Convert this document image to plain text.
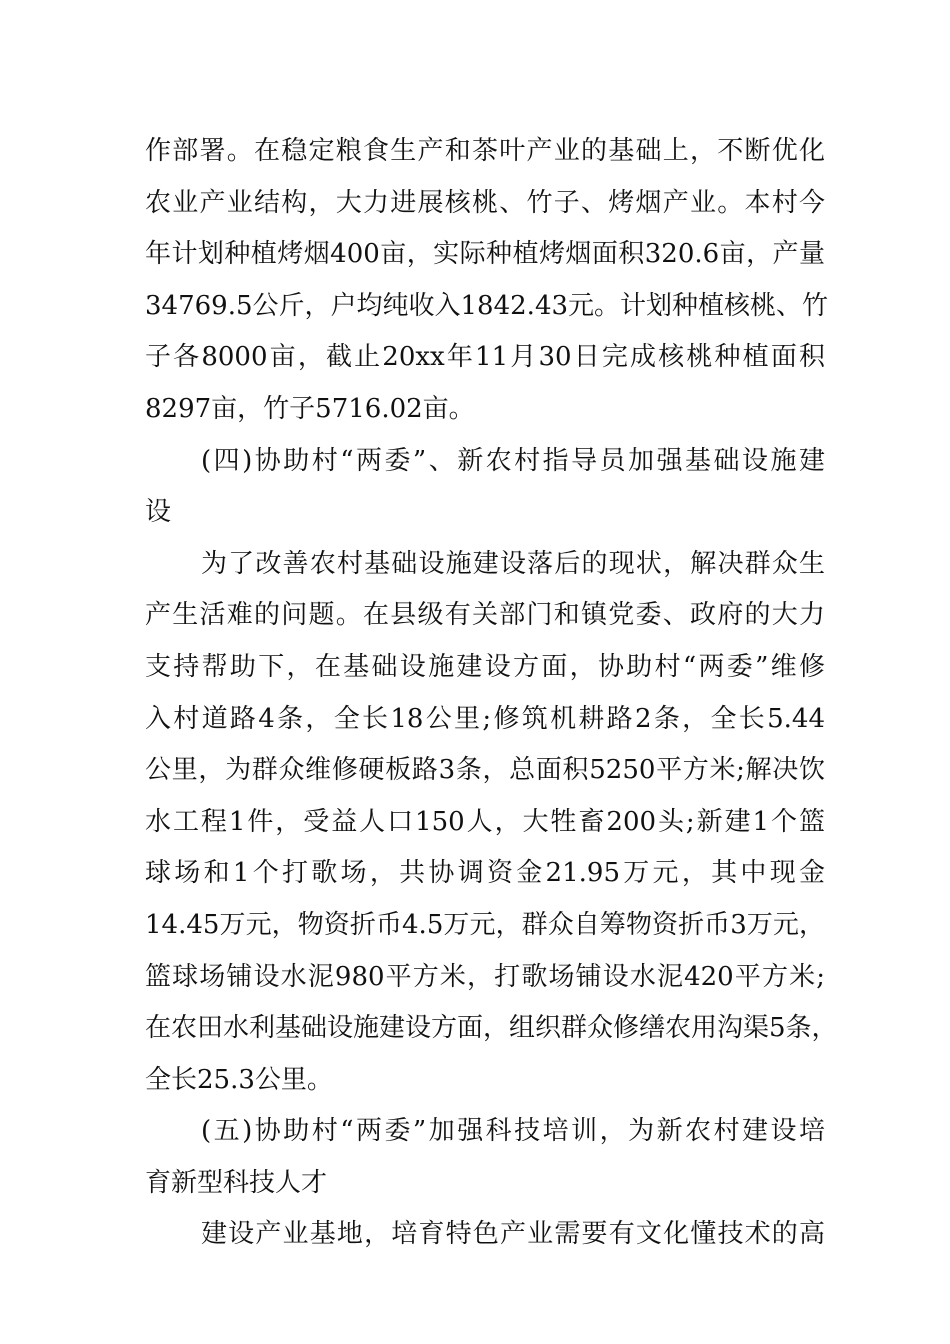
作部署。在稳定粮食生产和茶叶产业的基础上，不断优化
农业产业结构，大力进展核桃、竹子、烤烟产业。本村今
年计划种植烤烟400亩，实际种植烤烟面积320.6亩，产量
34769.5公斤，户均纯收入1842.43元。计划种植核桃、竹
子各8000亩，截止20xx年11月30日完成核桃种植面积
8297亩，竹子5716.02亩。
(四)协助村“两委”、新农村指导员加强基础设施建
设
为了改善农村基础设施建设落后的现状，解决群众生
产生活难的问题。在县级有关部门和镇党委、政府的大力
支持帮助下，在基础设施建设方面，协助村“两委”维修
入村道路4条，全长18公里;修筑机耕路2条，全长5.44
公里，为群众维修硬板路3条，总面积5250平方米;解决饮
水工程1件，受益人口150人，大牲畜200头;新建1个篮
球场和1个打歌场，共协调资金21.95万元，其中现金
14.45万元，物资折币4.5万元，群众自筹物资折币3万元，
篮球场铺设水泥980平方米，打歌场铺设水泥420平方米;
在农田水利基础设施建设方面，组织群众修缮农用沟渠5条，
全长25.3公里。
(五)协助村“两委”加强科技培训，为新农村建设培
育新型科技人才
建设产业基地，培育特色产业需要有文化懂技术的高
